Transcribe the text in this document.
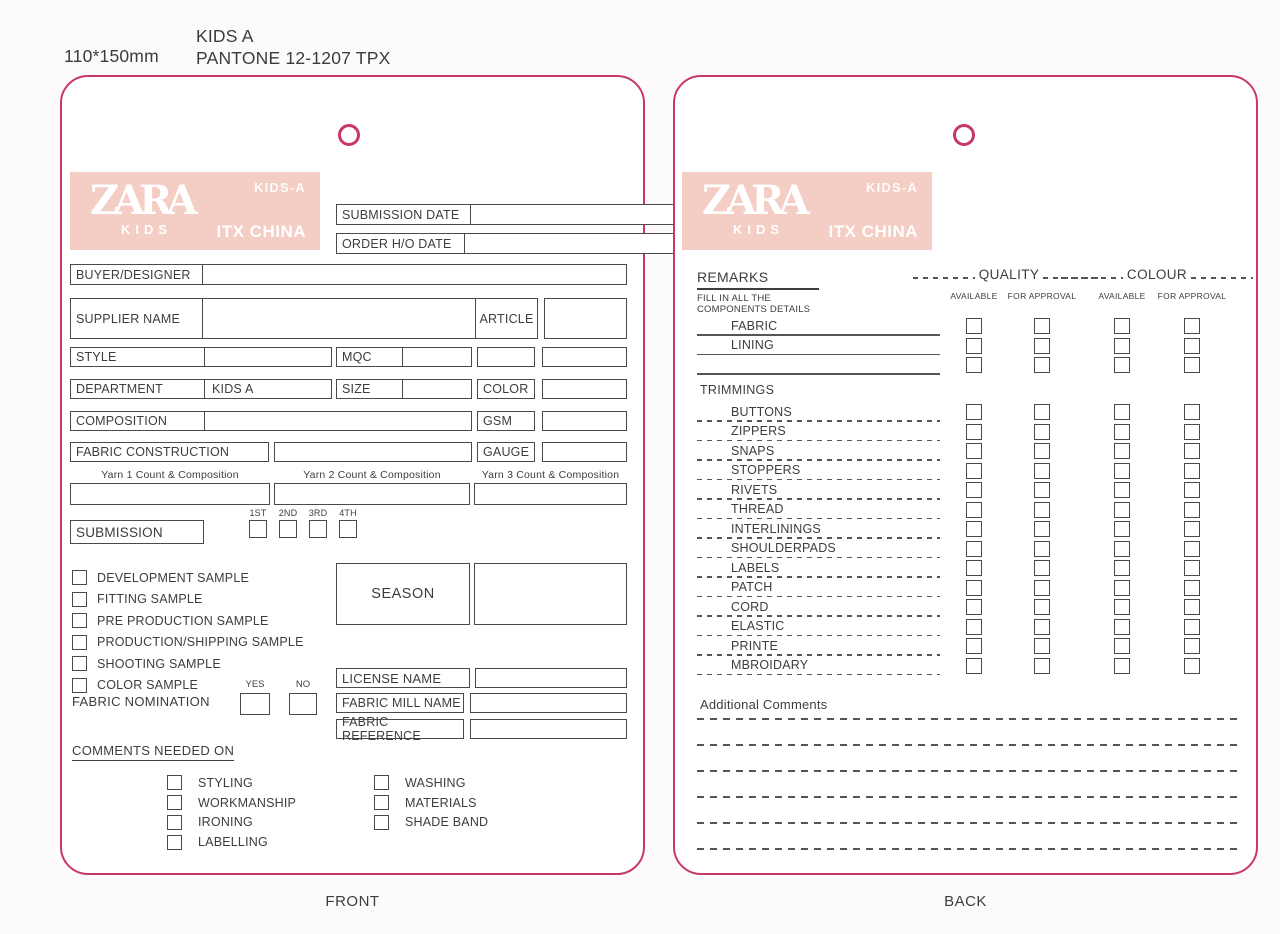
110*150mm
KIDS A
PANTONE 12-1207 TPX
ZARA
KIDS
KIDS-A
ITX CHINA
SUBMISSION DATE
ORDER H/O DATE
BUYER/DESIGNER
SUPPLIER NAME	ARTICLE
STYLE	MQC
DEPARTMENT	KIDS A	SIZE	COLOR
COMPOSITION	GSM
FABRIC CONSTRUCTION	GAUGE
Yarn 1 Count & Composition	Yarn 2 Count & Composition	Yarn 3 Count & Composition
SUBMISSION
1ST 2ND 3RD 4TH
DEVELOPMENT SAMPLE
FITTING SAMPLE
PRE PRODUCTION SAMPLE
PRODUCTION/SHIPPING SAMPLE
SHOOTING SAMPLE
COLOR SAMPLE
SEASON
LICENSE NAME
FABRIC MILL NAME
FABRIC REFERENCE
FABRIC NOMINATION
YES	NO
COMMENTS NEEDED ON
STYLING
WORKMANSHIP
IRONING
LABELLING
WASHING
MATERIALS
SHADE BAND
ZARA
KIDS
KIDS-A
ITX CHINA
REMARKS
FILL IN ALL THE
COMPONENTS DETAILS
QUALITY	COLOUR
AVAILABLE	FOR APPROVAL	AVAILABLE	FOR APPROVAL
FABRIC
LINING
TRIMMINGS
BUTTONS
ZIPPERS
SNAPS
STOPPERS
RIVETS
THREAD
INTERLININGS
SHOULDERPADS
LABELS
PATCH
CORD
ELASTIC
PRINTE
MBROIDARY
Additional Comments
FRONT	BACK
